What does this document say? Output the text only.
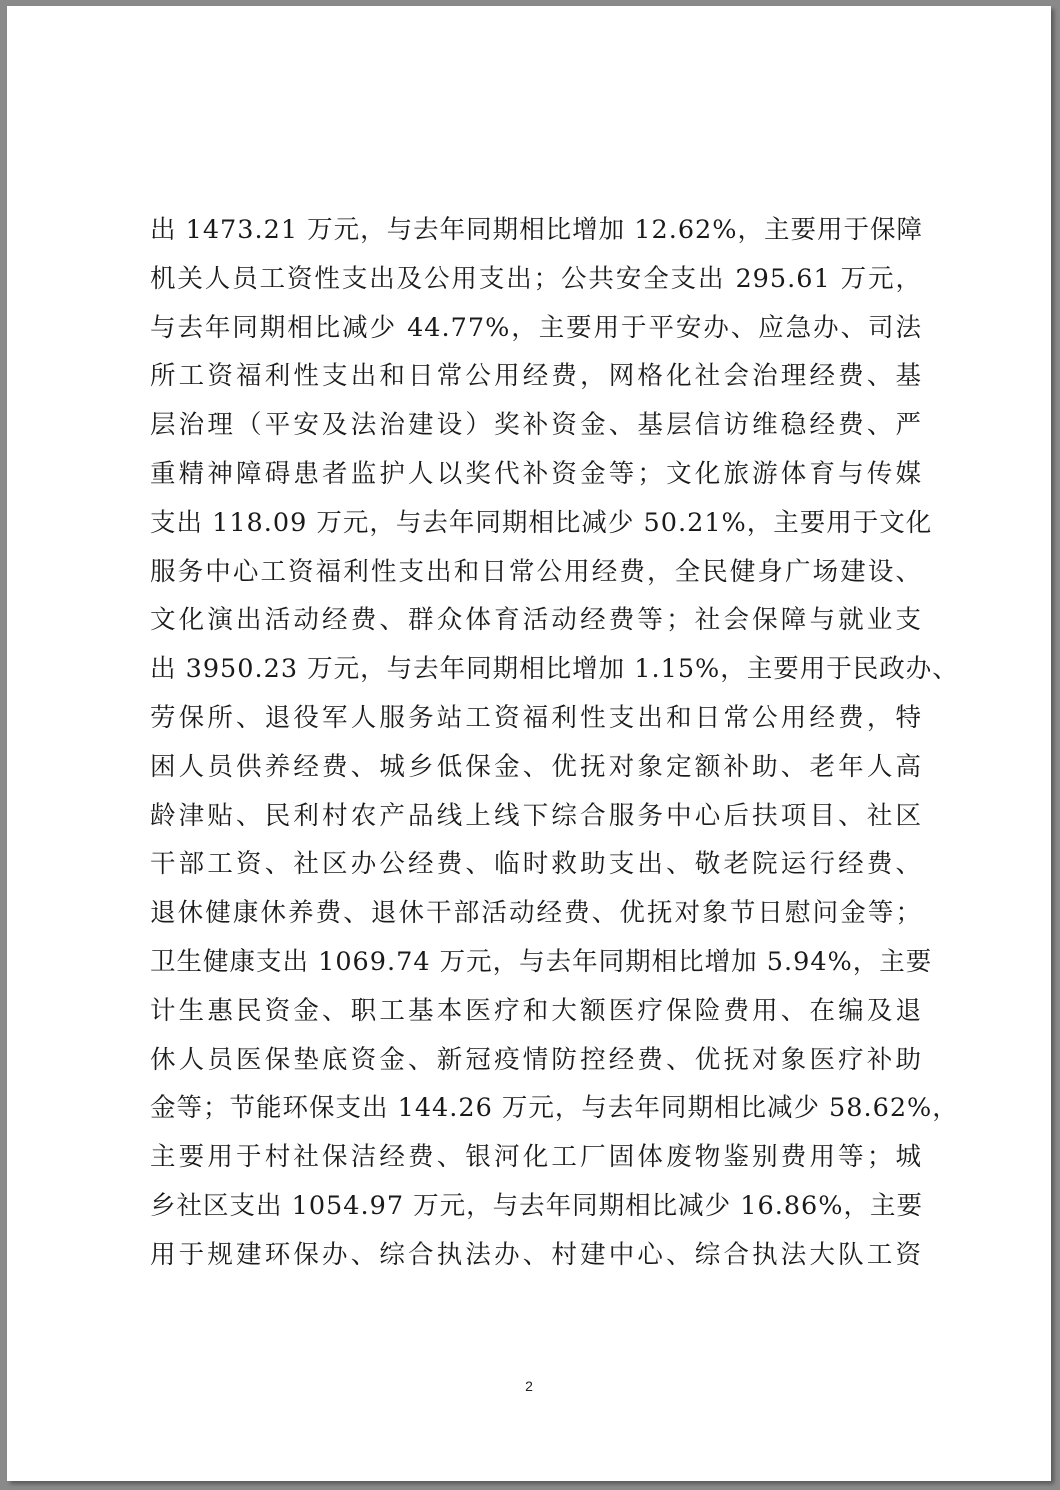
出 1473.21 万元，与去年同期相比增加 12.62%，主要用于保障
机关人员工资性支出及公用支出；公共安全支出 295.61 万元，
与去年同期相比减少 44.77%，主要用于平安办、应急办、司法
所工资福利性支出和日常公用经费，网格化社会治理经费、基
层治理（平安及法治建设）奖补资金、基层信访维稳经费、严
重精神障碍患者监护人以奖代补资金等；文化旅游体育与传媒
支出 118.09 万元，与去年同期相比减少 50.21%，主要用于文化
服务中心工资福利性支出和日常公用经费，全民健身广场建设、
文化演出活动经费、群众体育活动经费等；社会保障与就业支
出 3950.23 万元，与去年同期相比增加 1.15%，主要用于民政办、
劳保所、退役军人服务站工资福利性支出和日常公用经费，特
困人员供养经费、城乡低保金、优抚对象定额补助、老年人高
龄津贴、民利村农产品线上线下综合服务中心后扶项目、社区
干部工资、社区办公经费、临时救助支出、敬老院运行经费、
退休健康休养费、退休干部活动经费、优抚对象节日慰问金等；
卫生健康支出 1069.74 万元，与去年同期相比增加 5.94%，主要
计生惠民资金、职工基本医疗和大额医疗保险费用、在编及退
休人员医保垫底资金、新冠疫情防控经费、优抚对象医疗补助
金等；节能环保支出 144.26 万元，与去年同期相比减少 58.62%，
主要用于村社保洁经费、银河化工厂固体废物鉴别费用等；城
乡社区支出 1054.97 万元，与去年同期相比减少 16.86%，主要
用于规建环保办、综合执法办、村建中心、综合执法大队工资
2
